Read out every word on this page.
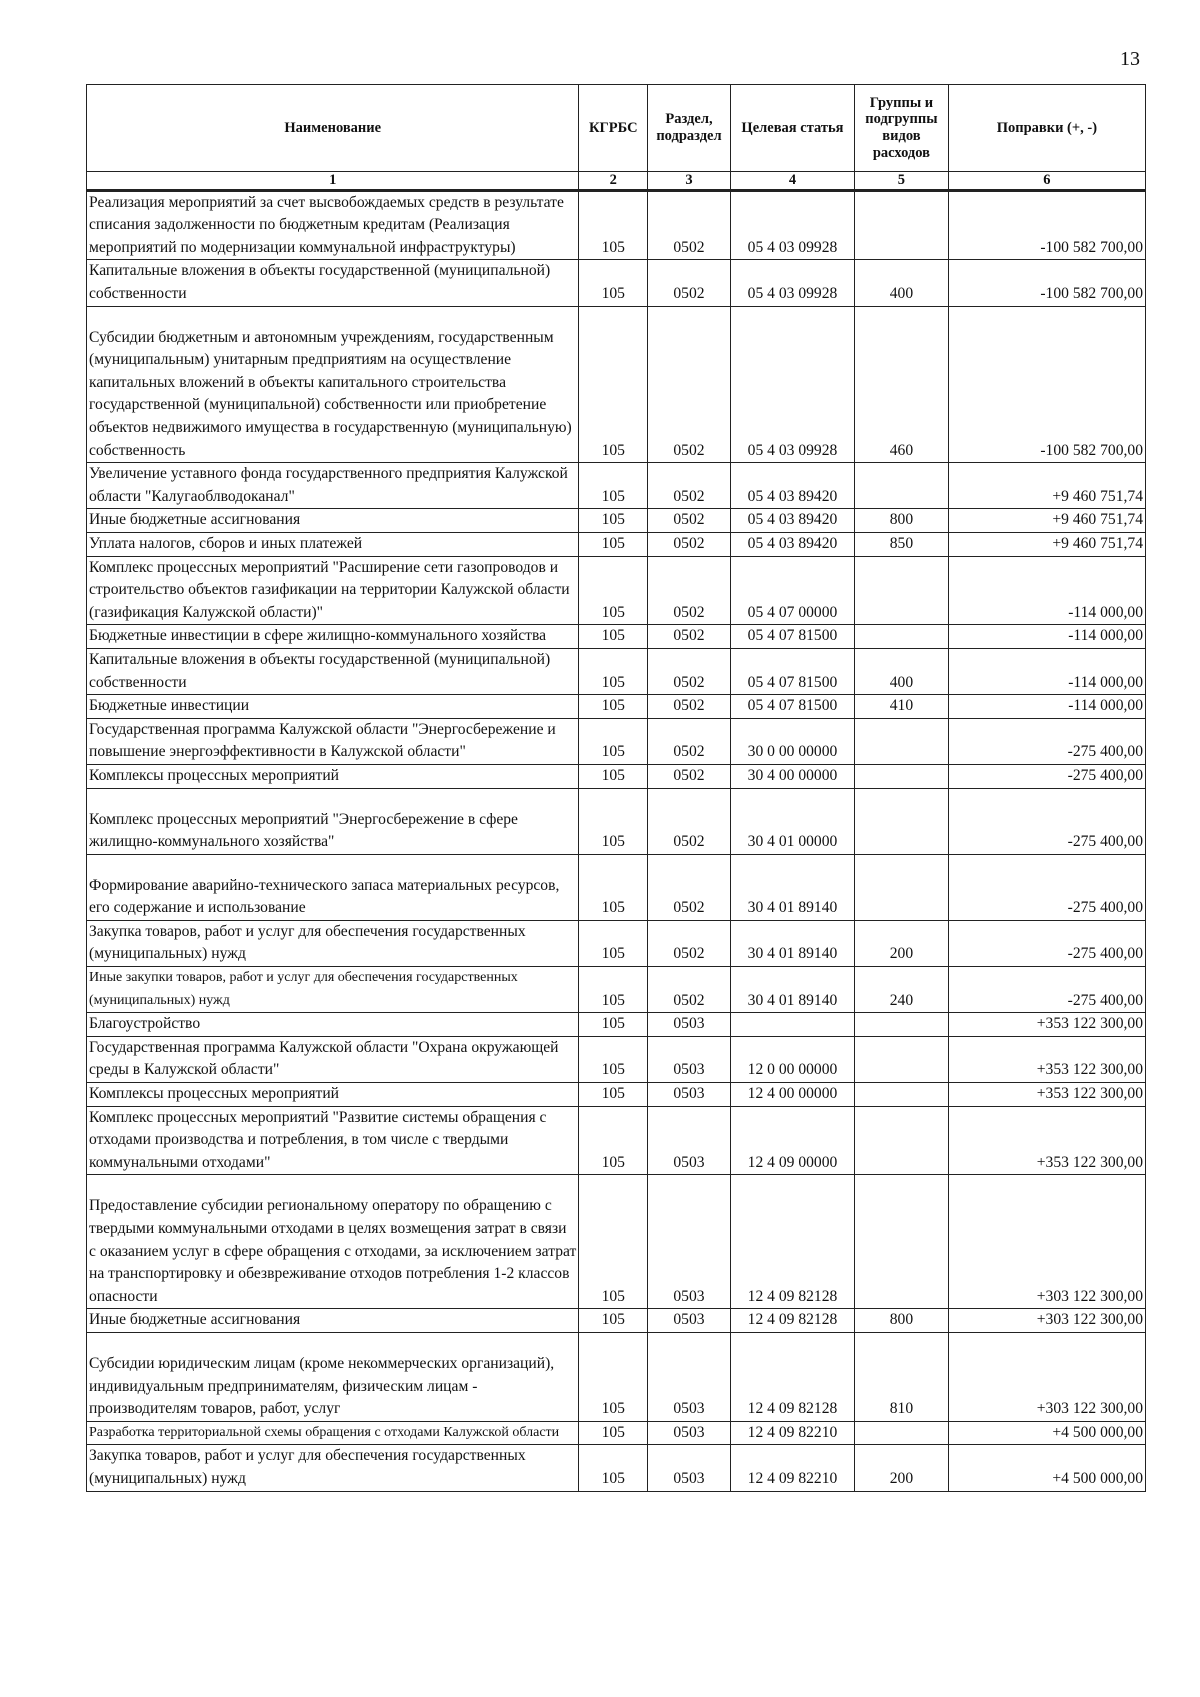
13
Наименование	КГРБС	Раздел, подраздел	Целевая статья	Группы и подгруппы видов расходов	Поправки (+, -)
1	2	3	4	5	6
Реализация мероприятий за счет высвобождаемых средств в результате списания задолженности по бюджетным кредитам (Реализация мероприятий по модернизации коммунальной инфраструктуры)	105	0502	05 4 03 09928		-100 582 700,00
Капитальные вложения в объекты государственной (муниципальной) собственности	105	0502	05 4 03 09928	400	-100 582 700,00
Субсидии бюджетным и автономным учреждениям, государственным (муниципальным) унитарным предприятиям на осуществление капитальных вложений в объекты капитального строительства государственной (муниципальной) собственности или приобретение объектов недвижимого имущества в государственную (муниципальную) собственность	105	0502	05 4 03 09928	460	-100 582 700,00
Увеличение уставного фонда государственного предприятия Калужской области "Калугаоблводоканал"	105	0502	05 4 03 89420		+9 460 751,74
Иные бюджетные ассигнования	105	0502	05 4 03 89420	800	+9 460 751,74
Уплата налогов, сборов и иных платежей	105	0502	05 4 03 89420	850	+9 460 751,74
Комплекс процессных мероприятий "Расширение сети газопроводов и строительство объектов газификации на территории Калужской области (газификация Калужской области)"	105	0502	05 4 07 00000		-114 000,00
Бюджетные инвестиции в сфере жилищно-коммунального хозяйства	105	0502	05 4 07 81500		-114 000,00
Капитальные вложения в объекты государственной (муниципальной) собственности	105	0502	05 4 07 81500	400	-114 000,00
Бюджетные инвестиции	105	0502	05 4 07 81500	410	-114 000,00
Государственная программа Калужской области "Энергосбережение и повышение энергоэффективности в Калужской области"	105	0502	30 0 00 00000		-275 400,00
Комплексы процессных мероприятий	105	0502	30 4 00 00000		-275 400,00
Комплекс процессных мероприятий "Энергосбережение в сфере жилищно-коммунального хозяйства"	105	0502	30 4 01 00000		-275 400,00
Формирование аварийно-технического запаса материальных ресурсов, его содержание и использование	105	0502	30 4 01 89140		-275 400,00
Закупка товаров, работ и услуг для обеспечения государственных (муниципальных) нужд	105	0502	30 4 01 89140	200	-275 400,00
Иные закупки товаров, работ и услуг для обеспечения государственных (муниципальных) нужд	105	0502	30 4 01 89140	240	-275 400,00
Благоустройство	105	0503			+353 122 300,00
Государственная программа Калужской области "Охрана окружающей среды в Калужской области"	105	0503	12 0 00 00000		+353 122 300,00
Комплексы процессных мероприятий	105	0503	12 4 00 00000		+353 122 300,00
Комплекс процессных мероприятий "Развитие системы обращения с отходами производства и потребления, в том числе с твердыми коммунальными отходами"	105	0503	12 4 09 00000		+353 122 300,00
Предоставление субсидии региональному оператору по обращению с твердыми коммунальными отходами в целях возмещения затрат в связи с оказанием услуг в сфере обращения с отходами, за исключением затрат на транспортировку и обезвреживание отходов потребления 1-2 классов опасности	105	0503	12 4 09 82128		+303 122 300,00
Иные бюджетные ассигнования	105	0503	12 4 09 82128	800	+303 122 300,00
Субсидии юридическим лицам (кроме некоммерческих организаций), индивидуальным предпринимателям, физическим лицам - производителям товаров, работ, услуг	105	0503	12 4 09 82128	810	+303 122 300,00
Разработка территориальной схемы обращения с отходами Калужской области	105	0503	12 4 09 82210		+4 500 000,00
Закупка товаров, работ и услуг для обеспечения государственных (муниципальных) нужд	105	0503	12 4 09 82210	200	+4 500 000,00
